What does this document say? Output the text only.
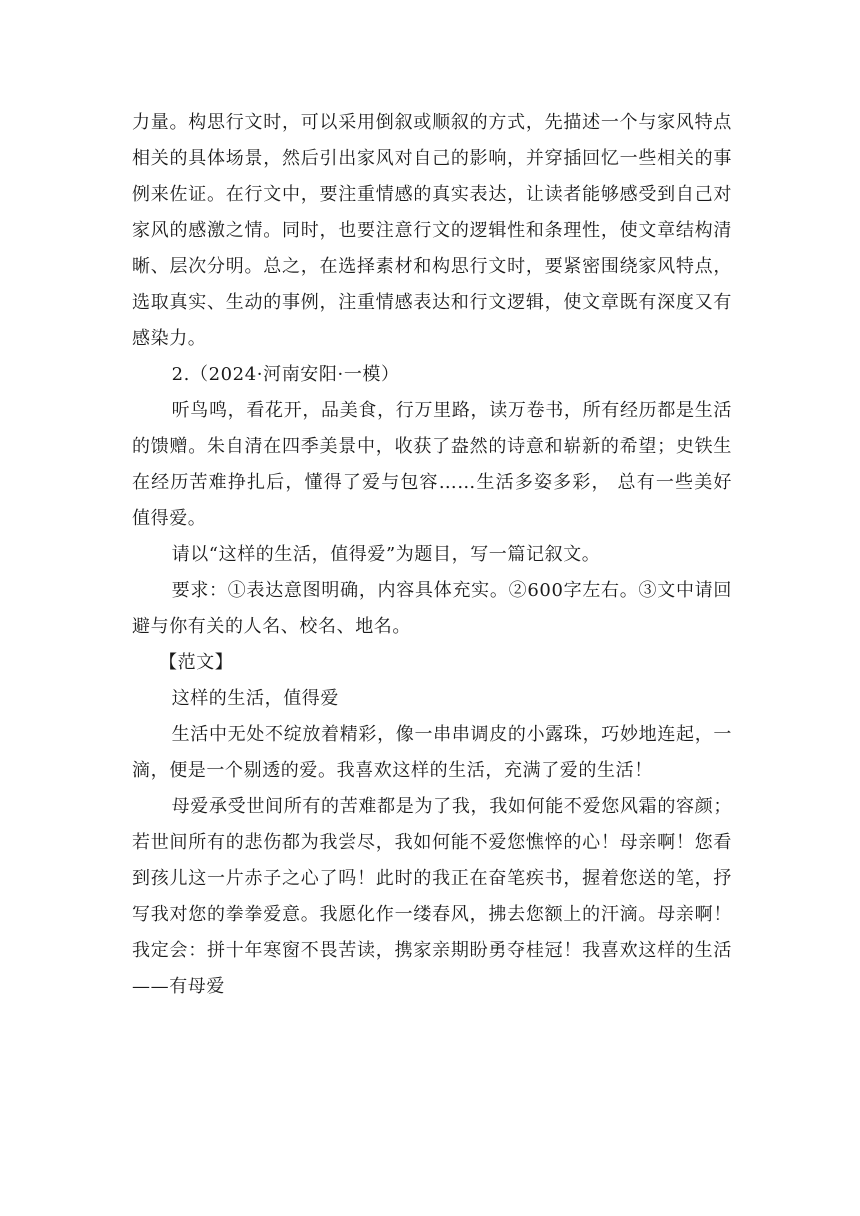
力量。构思行文时，可以采用倒叙或顺叙的方式，先描述一个与家风特点相关的具体场景，然后引出家风对自己的影响，并穿插回忆一些相关的事例来佐证。在行文中，要注重情感的真实表达，让读者能够感受到自己对家风的感激之情。同时，也要注意行文的逻辑性和条理性，使文章结构清晰、层次分明。总之，在选择素材和构思行文时，要紧密围绕家风特点，选取真实、生动的事例，注重情感表达和行文逻辑，使文章既有深度又有感染力。

2.（2024·河南安阳·一模）

听鸟鸣，看花开，品美食，行万里路，读万卷书，所有经历都是生活的馈赠。朱自清在四季美景中，收获了盎然的诗意和崭新的希望；史铁生在经历苦难挣扎后，懂得了爱与包容……生活多姿多彩， 总有一些美好值得爱。

请以“这样的生活，值得爱”为题目，写一篇记叙文。

要求：①表达意图明确，内容具体充实。②600字左右。③文中请回避与你有关的人名、校名、地名。

【范文】

这样的生活，值得爱

生活中无处不绽放着精彩，像一串串调皮的小露珠，巧妙地连起，一滴，便是一个剔透的爱。我喜欢这样的生活，充满了爱的生活！

母爱承受世间所有的苦难都是为了我，我如何能不爱您风霜的容颜；若世间所有的悲伤都为我尝尽，我如何能不爱您憔悴的心！母亲啊！您看到孩儿这一片赤子之心了吗！此时的我正在奋笔疾书，握着您送的笔，抒写我对您的拳拳爱意。我愿化作一缕春风，拂去您额上的汗滴。母亲啊！我定会：拼十年寒窗不畏苦读，携家亲期盼勇夺桂冠！我喜欢这样的生活——有母爱
